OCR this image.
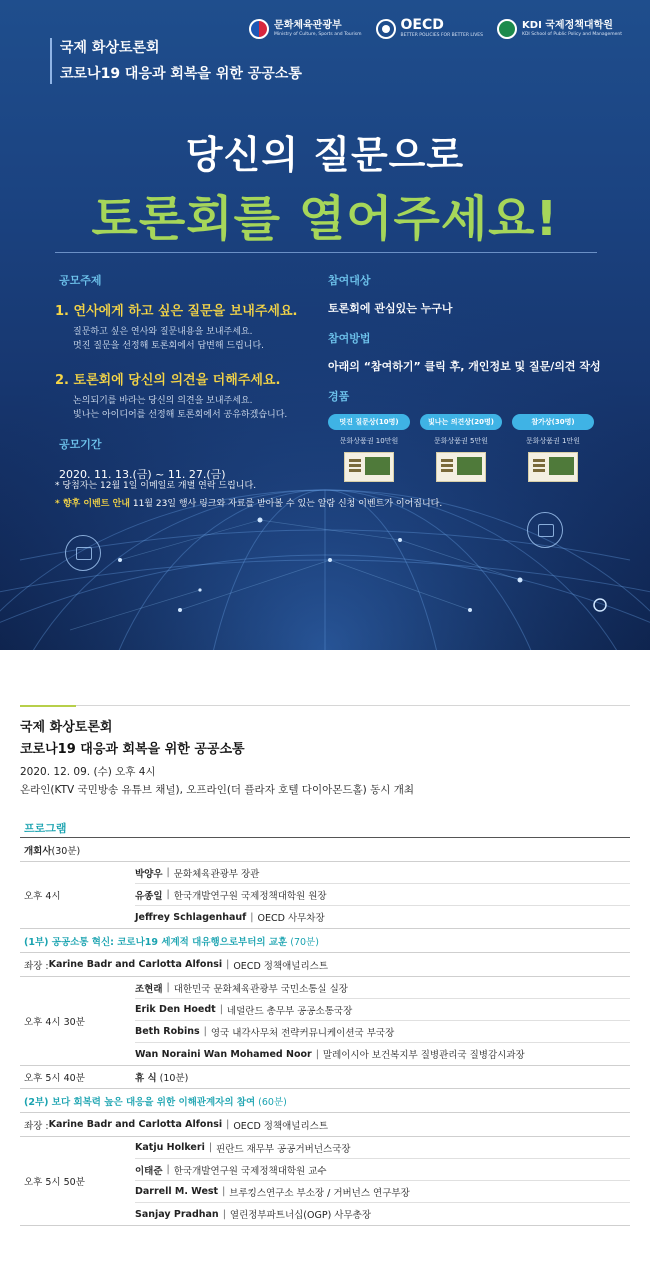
국제 화상토론회
코로나19 대응과 회복을 위한 공공소통
문화체육관광부
Ministry of Culture, Sports and Tourism
OECD
BETTER POLICIES FOR BETTER LIVES
KDI 국제정책대학원
KDI School of Public Policy and Management
당신의 질문으로
토론회를 열어주세요!
공모주제
1. 연사에게 하고 싶은 질문을 보내주세요.
질문하고 싶은 연사와 질문내용을 보내주세요.
멋진 질문을 선정해 토론회에서 답변해 드립니다.
2. 토론회에 당신의 의견을 더해주세요.
논의되기를 바라는 당신의 의견을 보내주세요.
빛나는 아이디어를 선정해 토론회에서 공유하겠습니다.
공모기간
2020. 11. 13.(금) ~ 11. 27.(금)
참여대상
토론회에 관심있는 누구나
참여방법
아래의 “참여하기” 클릭 후, 개인정보 및 질문/의견 작성
경품
멋진 질문상(10명)
문화상품권 10만원
빛나는 의견상(20명)
문화상품권 5만원
참가상(30명)
문화상품권 1만원
* 당첨자는 12월 1일 이메일로 개별 연락 드립니다.
* 향후 이벤트 안내 11월 23일 행사 링크와 자료를 받아볼 수 있는 알람 신청 이벤트가 이어집니다.
국제 화상토론회
코로나19 대응과 회복을 위한 공공소통
2020. 12. 09. (수) 오후 4시
온라인(KTV 국민방송 유튜브 채널), 오프라인(더 플라자 호텔 다이아몬드홀) 동시 개최
프로그램
개회사 (30분)
오후 4시
박양우 | 문화체육관광부 장관
유종일 | 한국개발연구원 국제정책대학원 원장
Jeffrey Schlagenhauf | OECD 사무차장
(1부) 공공소통 혁신: 코로나19 세계적 대유행으로부터의 교훈 (70분)
좌장 : Karine Badr and Carlotta Alfonsi | OECD 정책애널리스트
오후 4시 30분
조현래 | 대한민국 문화체육관광부 국민소통실 실장
Erik Den Hoedt | 네덜란드 총무부 공공소통국장
Beth Robins | 영국 내각사무처 전략커뮤니케이션국 부국장
Wan Noraini Wan Mohamed Noor | 말레이시아 보건복지부 질병관리국 질병감시과장
오후 5시 40분	휴 식 (10분)
(2부) 보다 회복력 높은 대응을 위한 이해관계자의 참여 (60분)
좌장 : Karine Badr and Carlotta Alfonsi | OECD 정책애널리스트
오후 5시 50분
Katju Holkeri | 핀란드 재무부 공공거버넌스국장
이태준 | 한국개발연구원 국제정책대학원 교수
Darrell M. West | 브루킹스연구소 부소장 / 거버넌스 연구부장
Sanjay Pradhan | 열린정부파트너십(OGP) 사무총장
